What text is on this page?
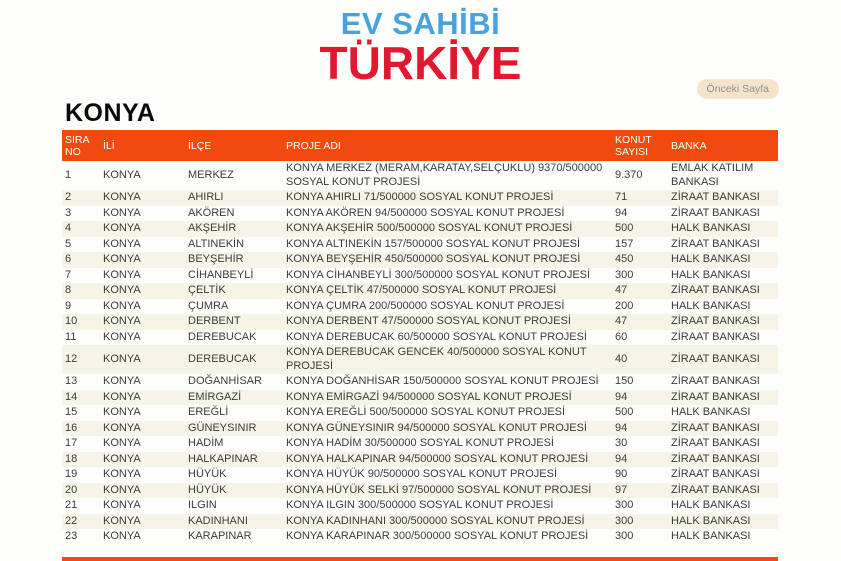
EV SAHİBİ
TÜRKİYE	Önceki Sayfa
KONYA
SIRA NO	İLİ	İLÇE	PROJE ADI	KONUT SAYISI	BANKA
1	KONYA	MERKEZ	KONYA MERKEZ (MERAM,KARATAY,SELÇUKLU) 9370/500000 SOSYAL KONUT PROJESİ	9.370	EMLAK KATILIM BANKASI
2	KONYA	AHIRLI	KONYA AHIRLI 71/500000 SOSYAL KONUT PROJESİ	71	ZİRAAT BANKASI
3	KONYA	AKÖREN	KONYA AKÖREN 94/500000 SOSYAL KONUT PROJESİ	94	ZİRAAT BANKASI
4	KONYA	AKŞEHİR	KONYA AKŞEHİR 500/500000 SOSYAL KONUT PROJESİ	500	HALK BANKASI
5	KONYA	ALTINEKİN	KONYA ALTINEKİN 157/500000 SOSYAL KONUT PROJESİ	157	ZİRAAT BANKASI
6	KONYA	BEYŞEHİR	KONYA BEYŞEHİR 450/500000 SOSYAL KONUT PROJESİ	450	HALK BANKASI
7	KONYA	CİHANBEYLİ	KONYA CİHANBEYLİ 300/500000 SOSYAL KONUT PROJESİ	300	HALK BANKASI
8	KONYA	ÇELTİK	KONYA ÇELTİK 47/500000 SOSYAL KONUT PROJESİ	47	ZİRAAT BANKASI
9	KONYA	ÇUMRA	KONYA ÇUMRA 200/500000 SOSYAL KONUT PROJESİ	200	HALK BANKASI
10	KONYA	DERBENT	KONYA DERBENT 47/500000 SOSYAL KONUT PROJESİ	47	ZİRAAT BANKASI
11	KONYA	DEREBUCAK	KONYA DEREBUCAK 60/500000 SOSYAL KONUT PROJESİ	60	ZİRAAT BANKASI
12	KONYA	DEREBUCAK	KONYA DEREBUCAK GENCEK 40/500000 SOSYAL KONUT PROJESİ	40	ZİRAAT BANKASI
13	KONYA	DOĞANHİSAR	KONYA DOĞANHİSAR 150/500000 SOSYAL KONUT PROJESİ	150	ZİRAAT BANKASI
14	KONYA	EMİRGAZİ	KONYA EMİRGAZİ 94/500000 SOSYAL KONUT PROJESİ	94	ZİRAAT BANKASI
15	KONYA	EREĞLİ	KONYA EREĞLİ 500/500000 SOSYAL KONUT PROJESİ	500	HALK BANKASI
16	KONYA	GÜNEYSINIR	KONYA GÜNEYSINIR 94/500000 SOSYAL KONUT PROJESİ	94	ZİRAAT BANKASI
17	KONYA	HADİM	KONYA HADİM 30/500000 SOSYAL KONUT PROJESİ	30	ZİRAAT BANKASI
18	KONYA	HALKAPINAR	KONYA HALKAPINAR 94/500000 SOSYAL KONUT PROJESİ	94	ZİRAAT BANKASI
19	KONYA	HÜYÜK	KONYA HÜYÜK 90/500000 SOSYAL KONUT PROJESİ	90	ZİRAAT BANKASI
20	KONYA	HÜYÜK	KONYA HÜYÜK SELKİ 97/500000 SOSYAL KONUT PROJESİ	97	ZİRAAT BANKASI
21	KONYA	ILGIN	KONYA ILGIN 300/500000 SOSYAL KONUT PROJESİ	300	HALK BANKASI
22	KONYA	KADINHANI	KONYA KADINHANI 300/500000 SOSYAL KONUT PROJESİ	300	HALK BANKASI
23	KONYA	KARAPINAR	KONYA KARAPINAR 300/500000 SOSYAL KONUT PROJESİ	300	HALK BANKASI
